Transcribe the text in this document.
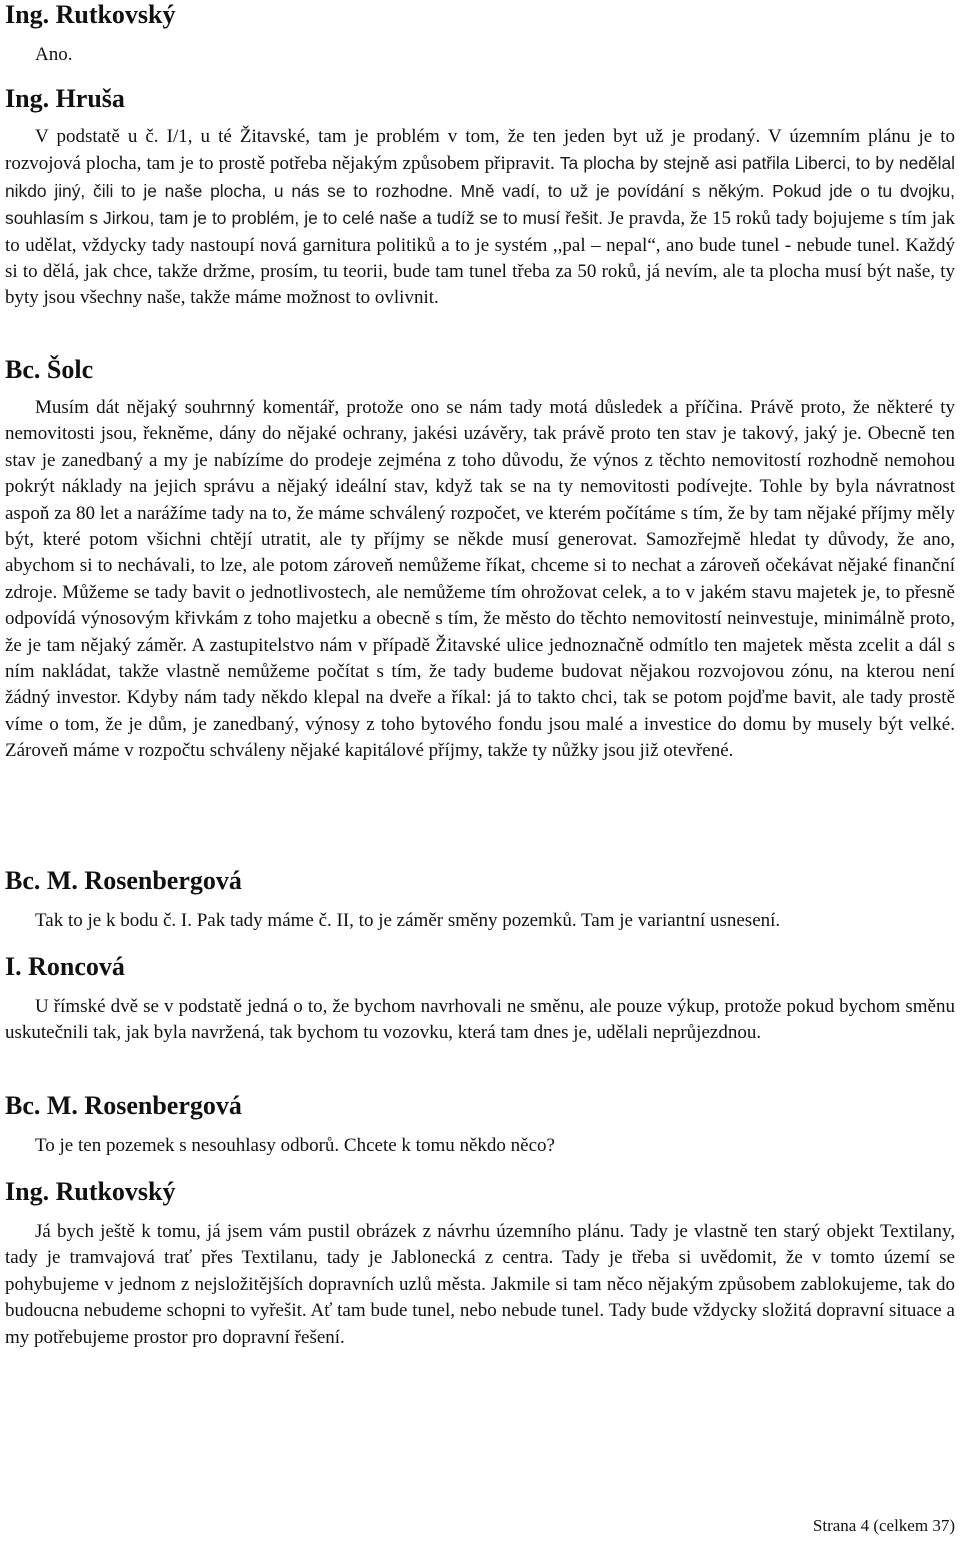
Ing. Rutkovský

Ano.

Ing. Hruša

V podstatě u č. I/1, u té Žitavské, tam je problém v tom, že ten jeden byt už je prodaný. V územním plánu je to rozvojová plocha, tam je to prostě potřeba nějakým způsobem připravit. Ta plocha by stejně asi patřila Liberci, to by nedělal nikdo jiný, čili to je naše plocha, u nás se to rozhodne. Mně vadí, to už je povídání s někým. Pokud jde o tu dvojku, souhlasím s Jirkou, tam je to problém, je to celé naše a tudíž se to musí řešit. Je pravda, že 15 roků tady bojujeme s tím jak to udělat, vždycky tady nastoupí nová garnitura politiků a to je systém ,,pal – nepal“, ano bude tunel - nebude tunel. Každý si to dělá, jak chce, takže držme, prosím, tu teorii, bude tam tunel třeba za 50 roků, já nevím, ale ta plocha musí být naše, ty byty jsou všechny naše, takže máme možnost to ovlivnit.

Bc. Šolc

Musím dát nějaký souhrnný komentář, protože ono se nám tady motá důsledek a příčina. Právě proto, že některé ty nemovitosti jsou, řekněme, dány do nějaké ochrany, jakési uzávěry, tak právě proto ten stav je takový, jaký je. Obecně ten stav je zanedbaný a my je nabízíme do prodeje zejména z toho důvodu, že výnos z těchto nemovitostí rozhodně nemohou pokrýt náklady na jejich správu a nějaký ideální stav, když tak se na ty nemovitosti podívejte. Tohle by byla návratnost aspoň za 80 let a narážíme tady na to, že máme schválený rozpočet, ve kterém počítáme s tím, že by tam nějaké příjmy měly být, které potom všichni chtějí utratit, ale ty příjmy se někde musí generovat. Samozřejmě hledat ty důvody, že ano, abychom si to nechávali, to lze, ale potom zároveň nemůžeme říkat, chceme si to nechat a zároveň očekávat nějaké finanční zdroje. Můžeme se tady bavit o jednotlivostech, ale nemůžeme tím ohrožovat celek, a to v jakém stavu majetek je, to přesně odpovídá výnosovým křivkám z toho majetku a obecně s tím, že město do těchto nemovitostí neinvestuje, minimálně proto, že je tam nějaký záměr. A zastupitelstvo nám v případě Žitavské ulice jednoznačně odmítlo ten majetek města zcelit a dál s ním nakládat, takže vlastně nemůžeme počítat s tím, že tady budeme budovat nějakou rozvojovou zónu, na kterou není žádný investor. Kdyby nám tady někdo klepal na dveře a říkal: já to takto chci, tak se potom pojďme bavit, ale tady prostě víme o tom, že je dům, je zanedbaný, výnosy z toho bytového fondu jsou malé a investice do domu by musely být velké. Zároveň máme v rozpočtu schváleny nějaké kapitálové příjmy, takže ty nůžky jsou již otevřené.

Bc. M. Rosenbergová

Tak to je k bodu č. I. Pak tady máme č. II, to je záměr směny pozemků. Tam je variantní usnesení.

I. Roncová

U římské dvě se v podstatě jedná o to, že bychom navrhovali ne směnu, ale pouze výkup, protože pokud bychom směnu uskutečnili tak, jak byla navržená, tak bychom tu vozovku, která tam dnes je, udělali neprůjezdnou.

Bc. M. Rosenbergová

To je ten pozemek s nesouhlasy odborů. Chcete k tomu někdo něco?

Ing. Rutkovský

Já bych ještě k tomu, já jsem vám pustil obrázek z návrhu územního plánu. Tady je vlastně ten starý objekt Textilany, tady je tramvajová trať přes Textilanu, tady je Jablonecká z centra. Tady je třeba si uvědomit, že v tomto území se pohybujeme v jednom z nejsložitějších dopravních uzlů města. Jakmile si tam něco nějakým způsobem zablokujeme, tak do budoucna nebudeme schopni to vyřešit. Ať tam bude tunel, nebo nebude tunel. Tady bude vždycky složitá dopravní situace a my potřebujeme prostor pro dopravní řešení.

Strana 4 (celkem 37)
